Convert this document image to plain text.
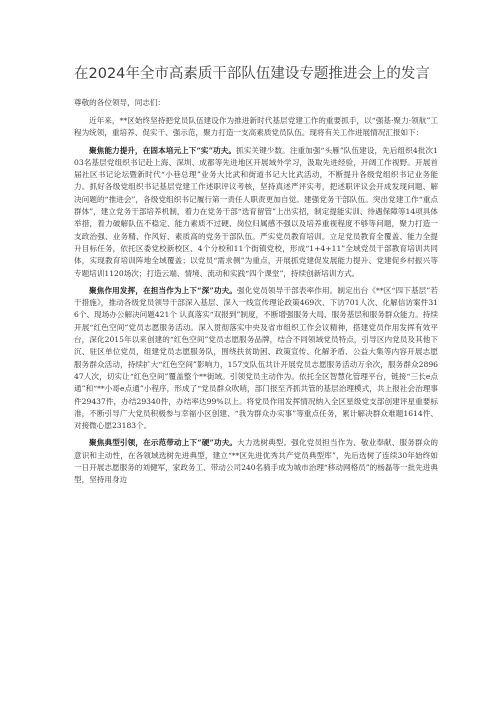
在2024年全市高素质干部队伍建设专题推进会上的发言

尊敬的各位领导，同志们：

近年来，**区始终坚持把党员队伍建设作为推进新时代基层党建工作的重要抓手，以“强基·聚力·领航”工程为统领，重培养、促实干、强示范，聚力打造一支高素质党员队伍。现将有关工作进展情况汇报如下：

聚焦能力提升，在固本培元上下“实”功夫。抓实关键少数。注重加强“头雁”队伍建设，先后组织4批次103名基层党组织书记赴上海、深圳、成都等先进地区开展域外学习，汲取先进经验，开阔工作视野。开展首届社区书记论坛暨新时代“小巷总理”业务大比武和街道书记大比武活动，不断提升各级党组织书记业务能力。抓好各级党组织书记基层党建工作述职评议考核，坚持真述严评实考，把述职评议会开成发现问题、解决问题的“推进会”，各级党组织书记履行第一责任人职责更加自觉。建强党务干部队伍。突出党建工作“重点群体”，建立党务干部培养机制，着力在党务干部“选育留管”上出实招，制定提能实训、待遇保障等14项具体举措，着力破解队伍不稳定、能力素质不过硬、岗位归属感不强以及培养重视程度不够等问题，聚力打造一支政治强、业务精、作风好、素质高的党务干部队伍。严实党员教育培训。立足党员教育全覆盖、能力全提升目标任务，依托区委党校新校区、4个分校和11个街镇党校，形成“1+4+11”全域党员干部教育培训共同体，实现教育培训阵地全域覆盖；以党员“需求侧”为重点，开展抓党建促发展能力提升、党建促乡村振兴等专题培训1120场次；打造云端、情境、流动和实践“四个课堂”，持续创新培训方式。

聚焦作用发挥，在担当作为上下“深”功夫。强化党员领导干部表率作用。制定出台《**区“四下基层”若干措施》，推动各级党员领导干部深入基层、深入一线宣传理论政策469次、下访701人次、化解信访案件316个、现场办公解决问题421个 认真落实“双报到”制度，不断增强服务大局、服务基层和服务群众能力。持续开展“红色空间”党员志愿服务活动。深入贯彻落实中央及省市组织工作会议精神，搭建党员作用发挥有效平台，深化2015年以来创建的“红色空间”党员志愿服务品牌，结合不同领域党员特点，引导区内党员及其他下沉、驻区单位党员，组建党员志愿服务队，围绕扶贫助困、政策宣传、化解矛盾、公益大集等内容开展志愿服务群众活动，持续扩大“红色空间”影响力，157支队伍共计开展党员志愿服务活动万余次，服务群众289647人次，切实让“红色空间”覆盖整个**街域。引领党员主动作为。依托全区智慧化管理平台，链接“三长e点通”和“**小哥e点通”小程序，形成了“党员群众吹哨，部门报至齐抓共管的基层治理模式，共上报社会治理事件29437件，办结29340件，办结率达99%以上。将党员作用发挥情况纳入全区星级党支部创建评星重要标准，不断引导广大党员积极参与幸福小区创建、“我为群众办实事”等重点任务，累计解决群众难题1614件、对接微心愿23183个。

聚焦典型引领，在示范带动上下“硬”功夫。大力选树典型。强化党员担当作为、敬业奉献、服务群众的意识和主动性，在各领域选树先进典型，建立“**区先进优秀共产党员典型库”，先后选树了连续30年始终如一日开展志愿服务的刘健军，家政务工、带动公司240名骑手成为城市治理“移动网格员”的杨磊等一批先进典型，坚持用身边
